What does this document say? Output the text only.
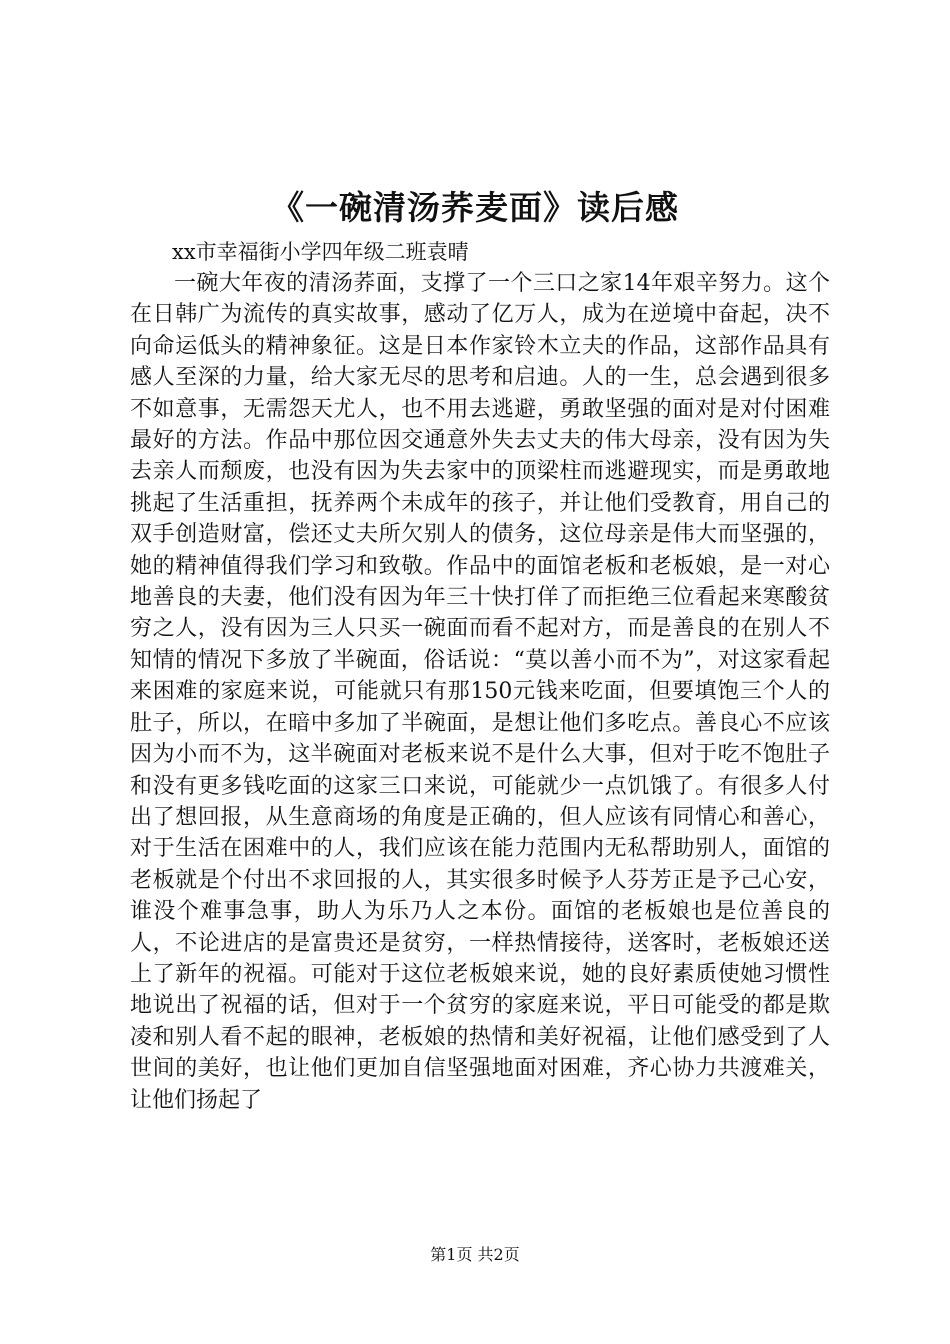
《一碗清汤荞麦面》读后感

xx市幸福街小学四年级二班袁晴

一碗大年夜的清汤荞面，支撑了一个三口之家14年艰辛努力。这个在日韩广为流传的真实故事，感动了亿万人，成为在逆境中奋起，决不向命运低头的精神象征。这是日本作家铃木立夫的作品，这部作品具有感人至深的力量，给大家无尽的思考和启迪。人的一生，总会遇到很多不如意事，无需怨天尤人，也不用去逃避，勇敢坚强的面对是对付困难最好的方法。作品中那位因交通意外失去丈夫的伟大母亲，没有因为失去亲人而颓废，也没有因为失去家中的顶梁柱而逃避现实，而是勇敢地挑起了生活重担，抚养两个未成年的孩子，并让他们受教育，用自己的双手创造财富，偿还丈夫所欠别人的债务，这位母亲是伟大而坚强的，她的精神值得我们学习和致敬。作品中的面馆老板和老板娘，是一对心地善良的夫妻，他们没有因为年三十快打佯了而拒绝三位看起来寒酸贫穷之人，没有因为三人只买一碗面而看不起对方，而是善良的在别人不知情的情况下多放了半碗面，俗话说：“莫以善小而不为”，对这家看起来困难的家庭来说，可能就只有那150元钱来吃面，但要填饱三个人的肚子，所以，在暗中多加了半碗面，是想让他们多吃点。善良心不应该因为小而不为，这半碗面对老板来说不是什么大事，但对于吃不饱肚子和没有更多钱吃面的这家三口来说，可能就少一点饥饿了。有很多人付出了想回报，从生意商场的角度是正确的，但人应该有同情心和善心，对于生活在困难中的人，我们应该在能力范围内无私帮助别人，面馆的老板就是个付出不求回报的人，其实很多时候予人芬芳正是予己心安，谁没个难事急事，助人为乐乃人之本份。面馆的老板娘也是位善良的人，不论进店的是富贵还是贫穷，一样热情接待，送客时，老板娘还送上了新年的祝福。可能对于这位老板娘来说，她的良好素质使她习惯性地说出了祝福的话，但对于一个贫穷的家庭来说，平日可能受的都是欺凌和别人看不起的眼神，老板娘的热情和美好祝福，让他们感受到了人世间的美好，也让他们更加自信坚强地面对困难，齐心协力共渡难关，让他们扬起了

第1页 共2页
